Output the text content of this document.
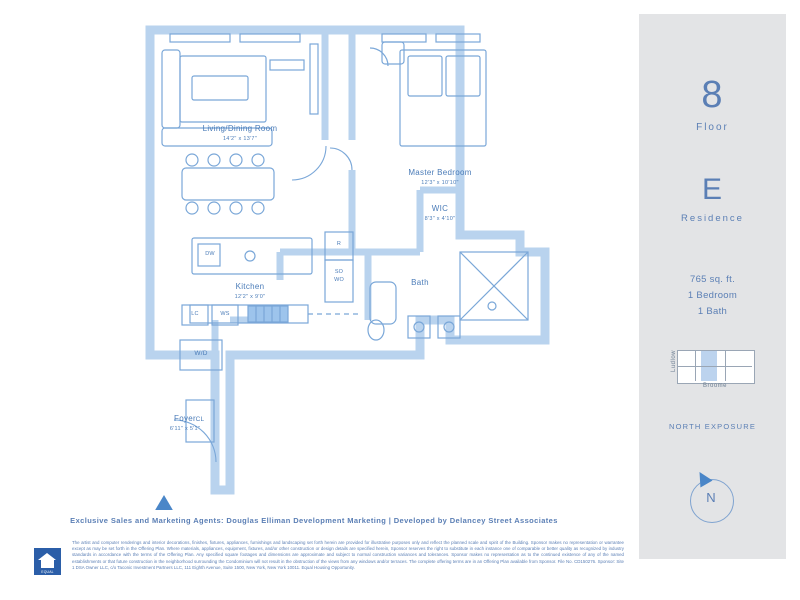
Living/Dining Room
14'2" x 13'7"
Master Bedroom
12'3" x 10'10"
WIC
8'3" x 4'10"
Kitchen
12'2" x 9'0"
Bath
Foyer
6'11" x 5'1"
DW
R
SO
WO
LC	WS
W/D
CL
8
Floor
E
Residence
765 sq. ft.
1 Bedroom
1 Bath
Ludlow
Broome
NORTH EXPOSURE
N
Exclusive Sales and Marketing Agents: Douglas Elliman Development Marketing | Developed by Delancey Street Associates
The artist and computer renderings and interior decorations, finishes, fixtures, appliances, furnishings and landscaping set forth herein are provided for illustrative purposes only and reflect the planned scale and spirit of the Building. Sponsor makes no representation or warrantee except as may be set forth in the Offering Plan. Where materials, appliances, equipment, fixtures, and/or other construction or design details are specified herein, Sponsor reserves the right to substitute in each instance one of comparable or better quality as recognized by industry standards in accordance with the terms of the Offering Plan. Any specified square footages and dimensions are approximate and subject to normal construction variances and tolerances. Sponsor makes no representation as to the continued existence of any of the named establishments or that future construction in the neighborhood surrounding the Condominium will not result in the obstruction of the views from any windows and/or terraces. The complete offering terms are in an Offering Plan available from Sponsor. File No. CD150276. Sponsor: Site 1 DSA Owner LLC, c/o Taconic Investment Partners LLC, 111 Eighth Avenue, Suite 1500, New York, New York 10011. Equal Housing Opportunity.
EQUAL HOUSING OPPORTUNITY
